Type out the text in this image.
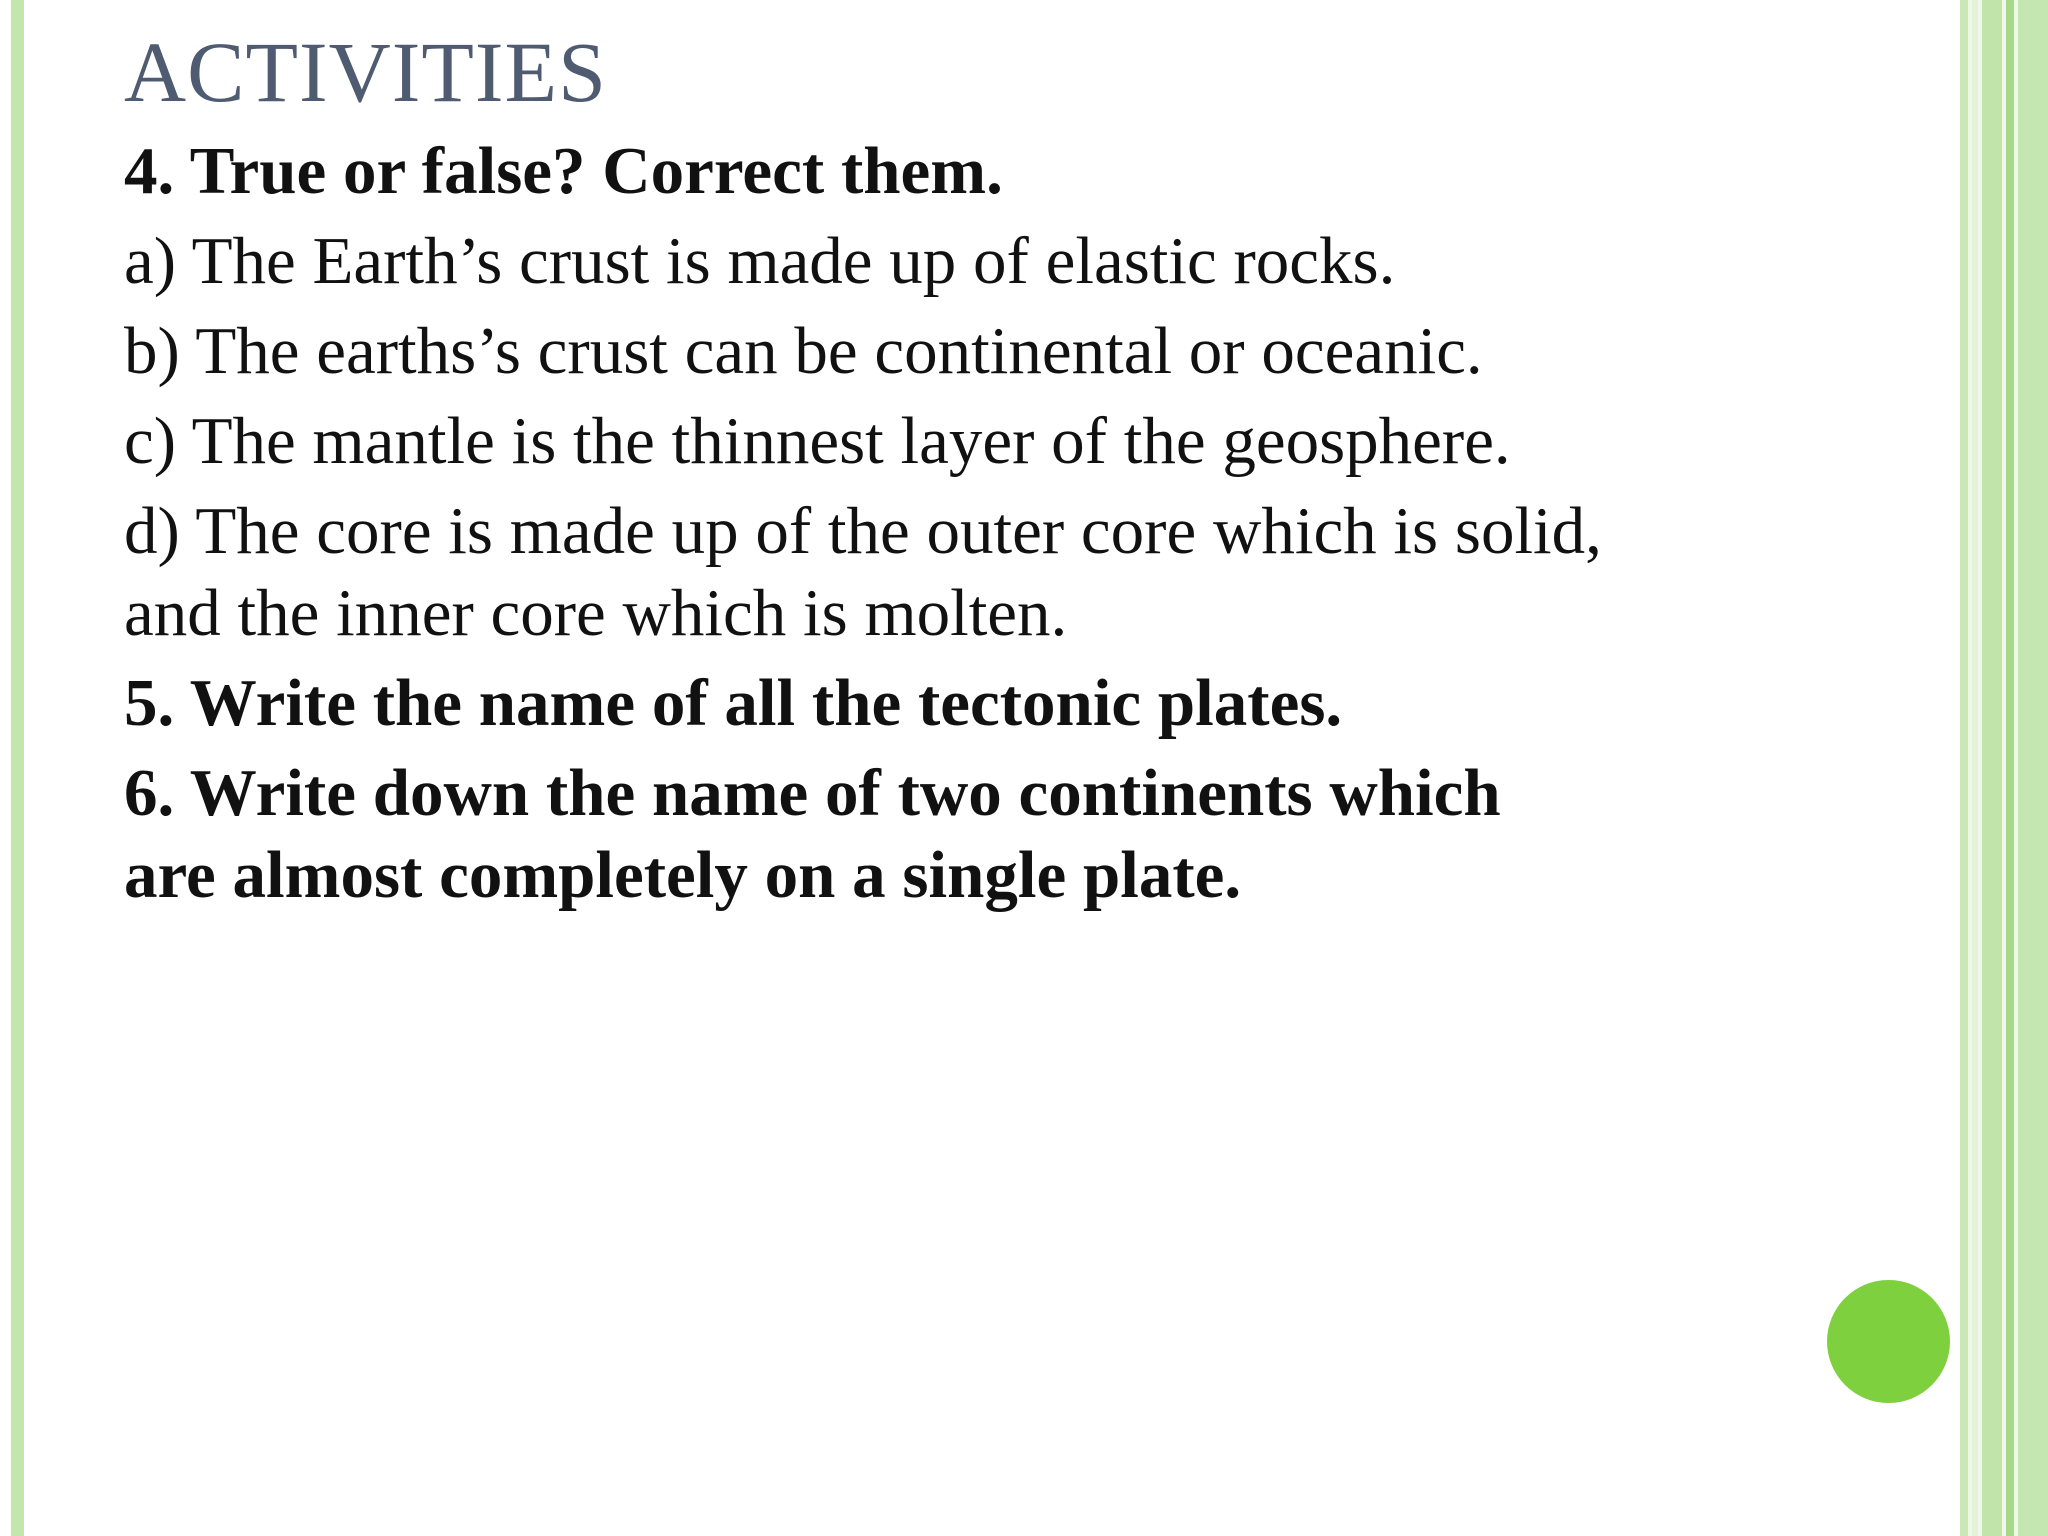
ACTIVITIES

4. True or false? Correct them.

a) The Earth’s crust is made up of elastic rocks.

b) The earths’s crust can be continental or oceanic.

c) The mantle is the thinnest layer of the geosphere.

d) The core is made up of the outer core which is solid,

and the inner core which is molten.

5. Write the name of all the tectonic plates.

6. Write down the name of two continents which

are almost completely on a single plate.
